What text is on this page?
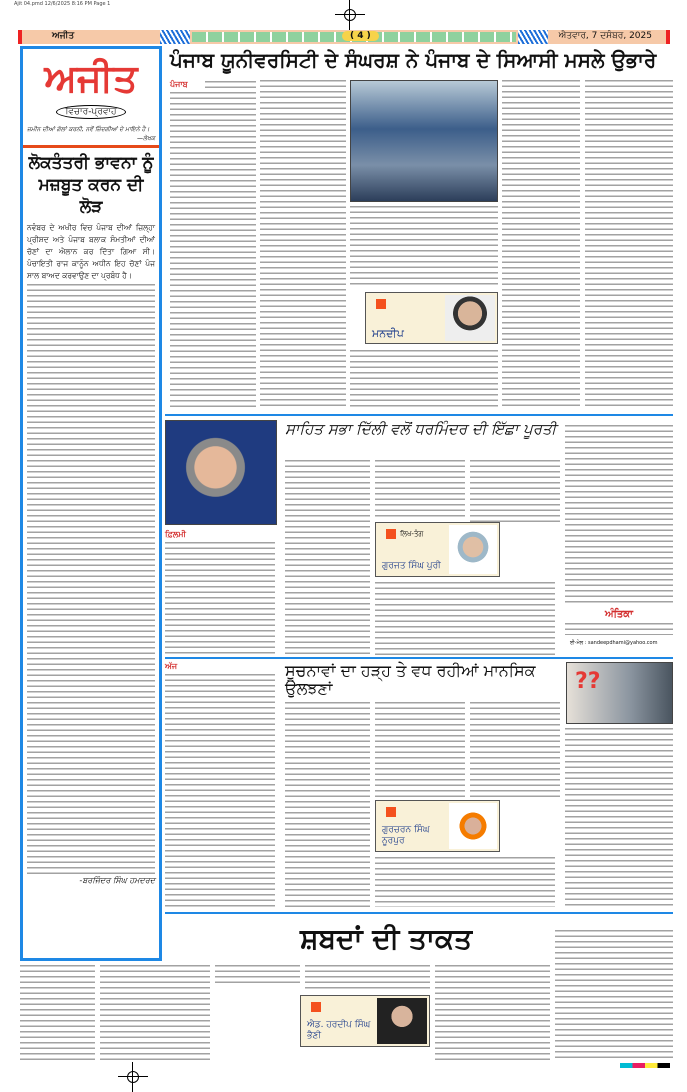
Ajit 04.pmd 12/6/2025 8:16 PM Page 1
ਅਜੀਤ	( 4 )	ਐਤਵਾਰ, 7 ਦਸੰਬਰ, 2025
ਅਜੀਤ
ਵਿਚਾਰ-ਪ੍ਰਵਾਹ
ਜ਼ਮੀਨ ਦੀਆਂ ਗੱਲਾਂ ਕਰਨੀ, ਨਵੇਂ ਜ਼ਿੰਦਗੀਆਂ ਦੇ ਮਾਇਨੇ ਹੈ।
—ਲੇਖਕ
ਲੋਕਤੰਤਰੀ ਭਾਵਨਾ ਨੂੰ ਮਜ਼ਬੂਤ ਕਰਨ ਦੀ ਲੋੜ
ਨਵੰਬਰ ਦੇ ਅਖੀਰ ਵਿਚ ਪੰਜਾਬ ਦੀਆਂ ਜ਼ਿਲ੍ਹਾ ਪ੍ਰੀਸ਼ਦ ਅਤੇ ਪੰਜਾਬ ਬਲਾਕ ਸੰਮਤੀਆਂ ਦੀਆਂ ਚੋਣਾਂ ਦਾ ਐਲਾਨ ਕਰ ਦਿੱਤਾ ਗਿਆ ਸੀ। ਪੰਚਾਇਤੀ ਰਾਜ ਕਾਨੂੰਨ ਅਧੀਨ ਇਹ ਚੋਣਾਂ ਪੰਜ ਸਾਲ ਬਾਅਦ ਕਰਵਾਉਣ ਦਾ ਪ੍ਰਬੰਧ ਹੈ।
-ਬਰਜਿੰਦਰ ਸਿੰਘ ਹਮਦਰਦ
ਪੰਜਾਬ ਯੂਨੀਵਰਸਿਟੀ ਦੇ ਸੰਘਰਸ਼ ਨੇ ਪੰਜਾਬ ਦੇ ਸਿਆਸੀ ਮਸਲੇ ਉਭਾਰੇ
ਪੰਜਾਬ
ਮਨਦੀਪ
ਸਾਹਿਤ ਸਭਾ ਦਿੱਲੀ ਵਲੋਂ ਧਰਮਿੰਦਰ ਦੀ ਇੱਛਾ ਪੂਰਤੀ
ਫ਼ਿਲਮੀ	ਲਿਖ-ਤੰਗ
ਗੁਰਜਤ ਸਿੰਘ ਪੁਰੀ
ਅੰਤਿਕਾ
ਈ-ਮੇਲ : sandeepdhami@yahoo.com
ਅੱਜ	ਸੂਚਨਾਵਾਂ ਦਾ ਹੜ੍ਹ ਤੇ ਵਧ ਰਹੀਆਂ ਮਾਨਸਿਕ ਉਲਝਣਾਂ
ਗੁਰਚਰਨ ਸਿੰਘ ਨੂਰਪੁਰ
??
ਸ਼ਬਦਾਂ ਦੀ ਤਾਕਤ
ਐਡ. ਹਰਦੀਪ ਸਿੰਘ ਭੈਣੀ
